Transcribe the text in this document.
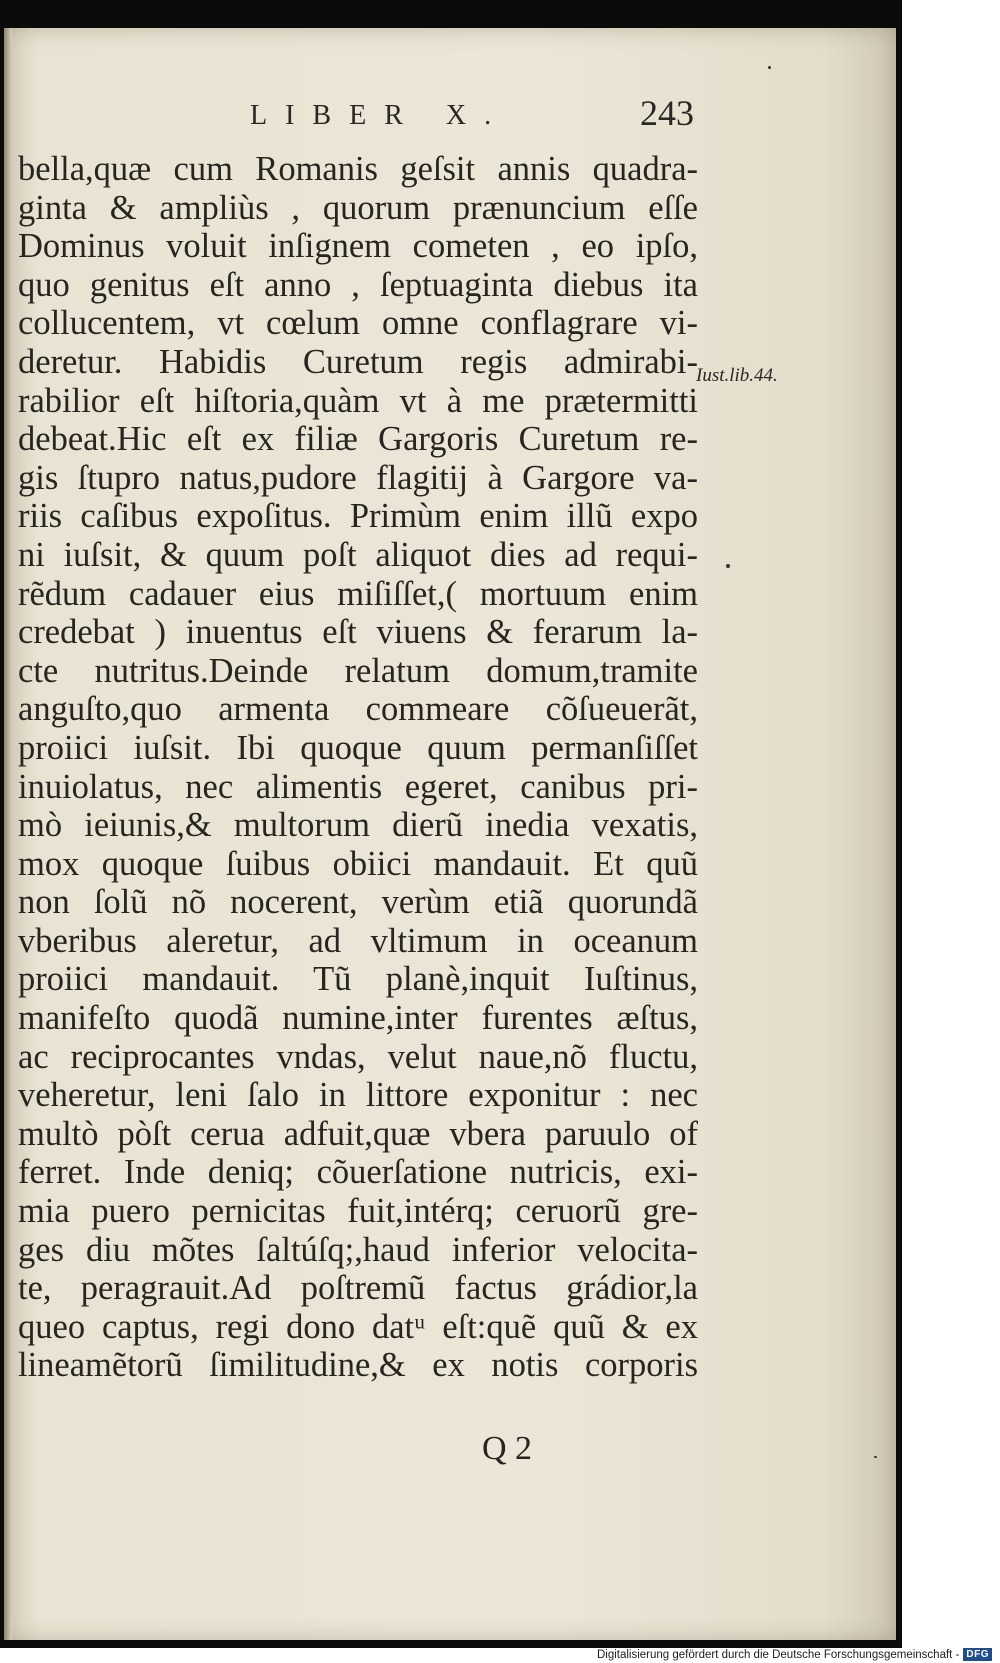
LIBER X.	243
bella,quæ cum Romanis geſsit annis quadra-
ginta & ampliùs , quorum prænuncium eſſe
Dominus voluit inſignem cometen , eo ipſo,
quo genitus eſt anno , ſeptuaginta diebus ita
collucentem, vt cœlum omne conflagrare vi-
deretur. Habidis Curetum regis admirabi-
rabilior eſt hiſtoria,quàm vt à me prætermitti
debeat.Hic eſt ex filiæ Gargoris Curetum re-
gis ſtupro natus,pudore flagitij à Gargore va-
riis caſibus expoſitus. Primùm enim illũ expo
ni iuſsit, & quum poſt aliquot dies ad requi-
rẽdum cadauer eius miſiſſet,( mortuum enim
credebat ) inuentus eſt viuens & ferarum la-
cte nutritus.Deinde relatum domum,tramite
anguſto,quo armenta commeare cõſueuerãt,
proiici iuſsit. Ibi quoque quum permanſiſſet
inuiolatus, nec alimentis egeret, canibus pri-
mò ieiunis,& multorum dierũ inedia vexatis,
mox quoque ſuibus obiici mandauit. Et quũ
non ſolũ nõ nocerent, verùm etiã quorundã
vberibus aleretur, ad vltimum in oceanum
proiici mandauit. Tũ planè,inquit Iuſtinus,
manifeſto quodã numine,inter furentes æſtus,
ac reciprocantes vndas, velut naue,nõ fluctu,
veheretur, leni ſalo in littore exponitur : nec
multò pòſt cerua adfuit,quæ vbera paruulo of
ferret. Inde deniq; cõuerſatione nutricis, exi-
mia puero pernicitas fuit,intérq; ceruorũ gre-
ges diu mõtes ſaltúſq;,haud inferior velocita-
te, peragrauit.Ad poſtremũ factus grádior,la
queo captus, regi dono datᵘ eſt:quẽ quũ & ex
lineamẽtorũ ſimilitudine,& ex notis corporis
Iust.lib.44.
Q 2
Digitalisierung gefördert durch die Deutsche Forschungsgemeinschaft - DFG
